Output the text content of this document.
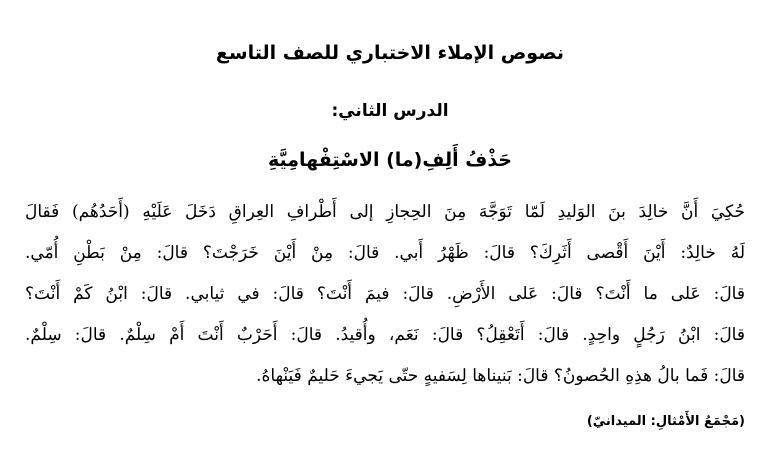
نصوص الإملاء الاختباري للصف التاسع
الدرس الثاني:
حَذْفُ أَلِفِ(ما) الاسْتِفْهامِيَّةِ
حُكِيَ أَنَّ خالِدَ بنَ الوَليدِ لَمّا تَوَجَّهَ مِنَ الحِجازِ إلى أَطْرافِ العِراقِ دَخَلَ عَلَيْهِ (أَحَدُهُم) فَقالَ
لَهُ خالِدٌ: أَيْنَ أَقْصى أَثَرِكَ؟ قالَ: ظَهْرُ أَبي. قالَ: مِنْ أَيْنَ خَرَجْتَ؟ قالَ: مِنْ بَطْنِ أُمّي.
قالَ: عَلى ما أَنْتَ؟ قالَ: عَلى الأَرْضِ. قالَ: فيمَ أَنْتَ؟ قالَ: في ثيابي. قالَ: ابْنُ كَمْ أَنْتَ؟
قالَ: ابْنُ رَجُلٍ واحِدٍ. قالَ: أَتَعْقِلُ؟ قالَ: نَعَم، وأُقيدُ. قالَ: أَحَرْبٌ أَنْتَ أَمْ سِلْمٌ. قالَ: سِلْمٌ.
قالَ: فَما بالُ هذِهِ الحُصونُ؟ قالَ: بَنيناها لِسَفيهٍ حتّى يَجيءَ حَليمٌ فَيَنْهاهُ.
(مَجْمَعُ الأَمْثالِ: الميدانيّ)
